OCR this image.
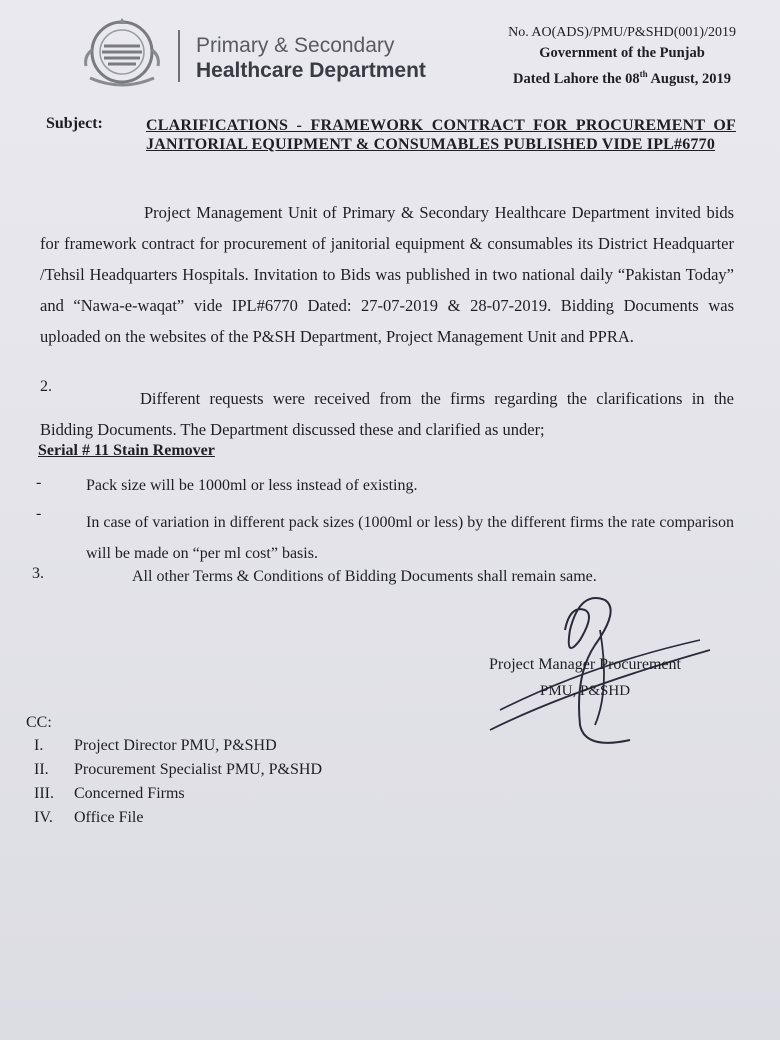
Primary & Secondary
Healthcare Department
No. AO(ADS)/PMU/P&SHD(001)/2019
Government of the Punjab
Dated Lahore the 08th August, 2019
Subject:	CLARIFICATIONS - FRAMEWORK CONTRACT FOR PROCUREMENT OF JANITORIAL EQUIPMENT & CONSUMABLES PUBLISHED VIDE IPL#6770
Project Management Unit of Primary & Secondary Healthcare Department invited bids for framework contract for procurement of janitorial equipment & consumables its District Headquarter /Tehsil Headquarters Hospitals. Invitation to Bids was published in two national daily “Pakistan Today” and “Nawa-e-waqat” vide IPL#6770 Dated: 27-07-2019 & 28-07-2019. Bidding Documents was uploaded on the websites of the P&SH Department, Project Management Unit and PPRA.
2.
Different requests were received from the firms regarding the clarifications in the Bidding Documents. The Department discussed these and clarified as under;
Serial # 11 Stain Remover
-	Pack size will be 1000ml or less instead of existing.
-
In case of variation in different pack sizes (1000ml or less) by the different firms the rate comparison will be made on “per ml cost” basis.
3.	All other Terms & Conditions of Bidding Documents shall remain same.
Project Manager Procurement
PMU, P&SHD
CC:
I. Project Director PMU, P&SHD
II. Procurement Specialist PMU, P&SHD
III. Concerned Firms
IV. Office File
